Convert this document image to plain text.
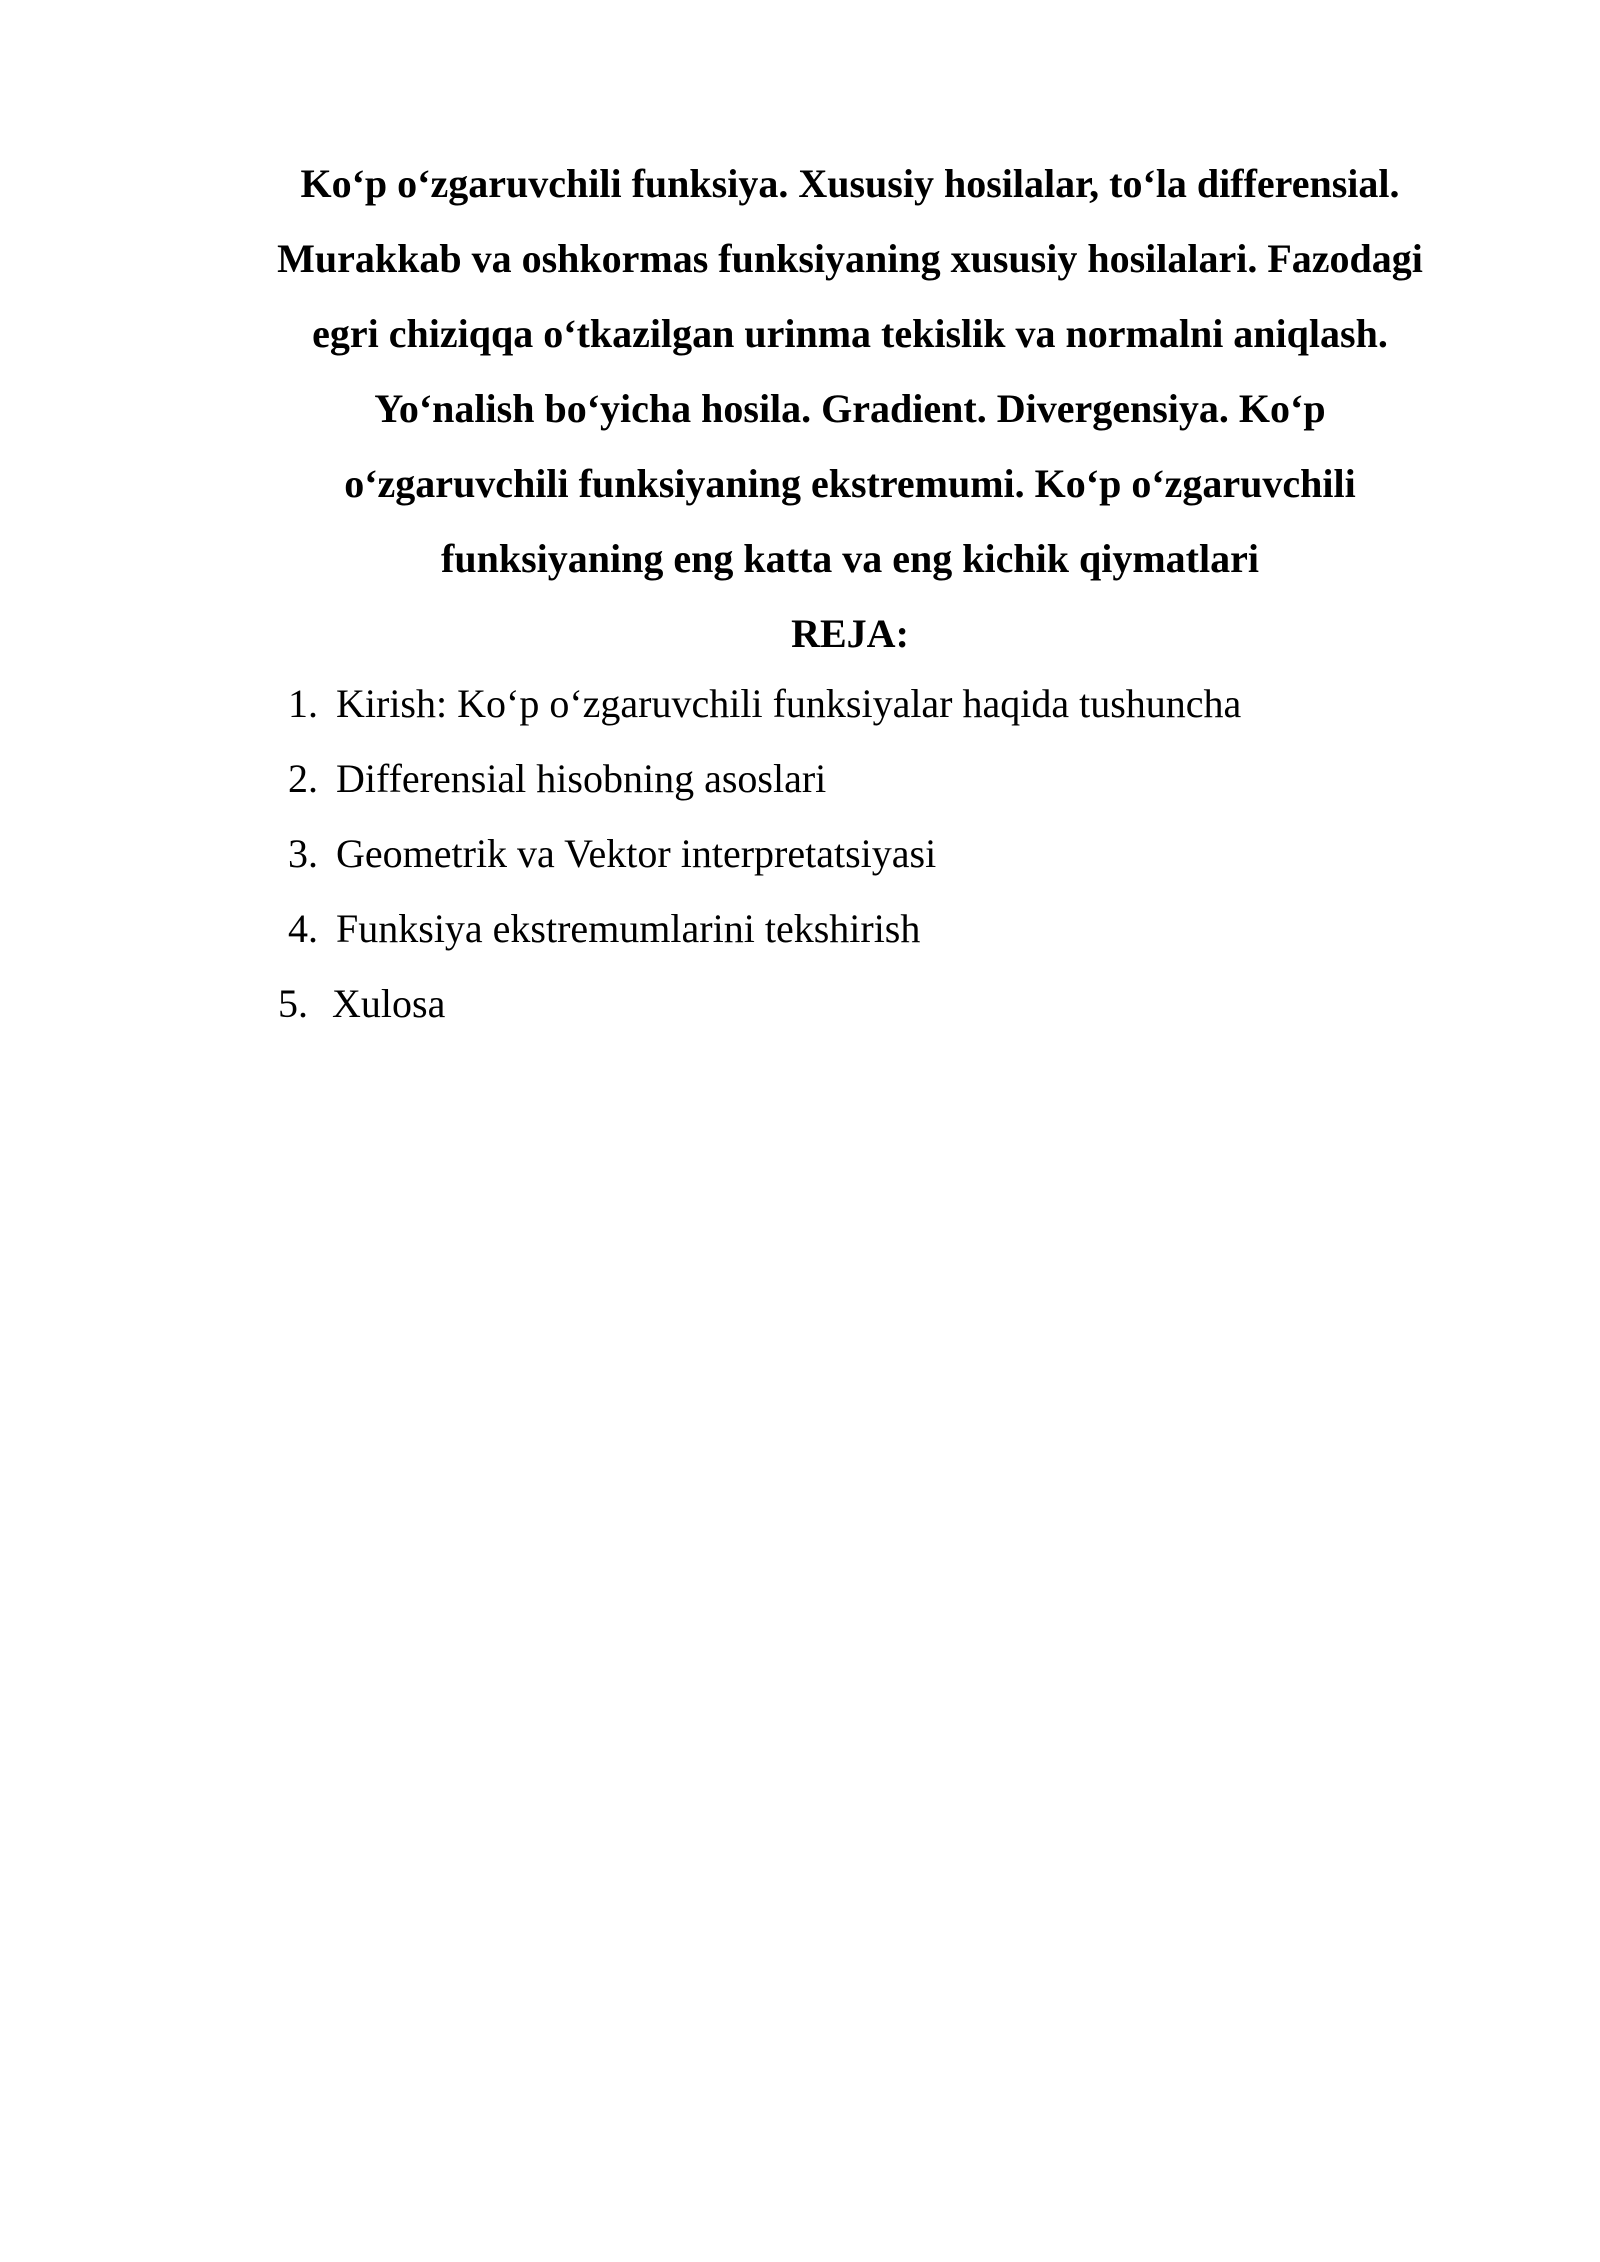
Ko‘p o‘zgaruvchili funksiya. Xususiy hosilalar, to‘la differensial.
Murakkab va oshkormas funksiyaning xususiy hosilalari. Fazodagi
egri chiziqqa o‘tkazilgan urinma tekislik va normalni aniqlash.
Yo‘nalish bo‘yicha hosila. Gradient. Divergensiya. Ko‘p
o‘zgaruvchili funksiyaning ekstremumi. Ko‘p o‘zgaruvchili
funksiyaning eng katta va eng kichik qiymatlari
REJA:
1. Kirish: Ko‘p o‘zgaruvchili funksiyalar haqida tushuncha
2. Differensial hisobning asoslari
3. Geometrik va Vektor interpretatsiyasi
4. Funksiya ekstremumlarini tekshirish
5. Xulosa
